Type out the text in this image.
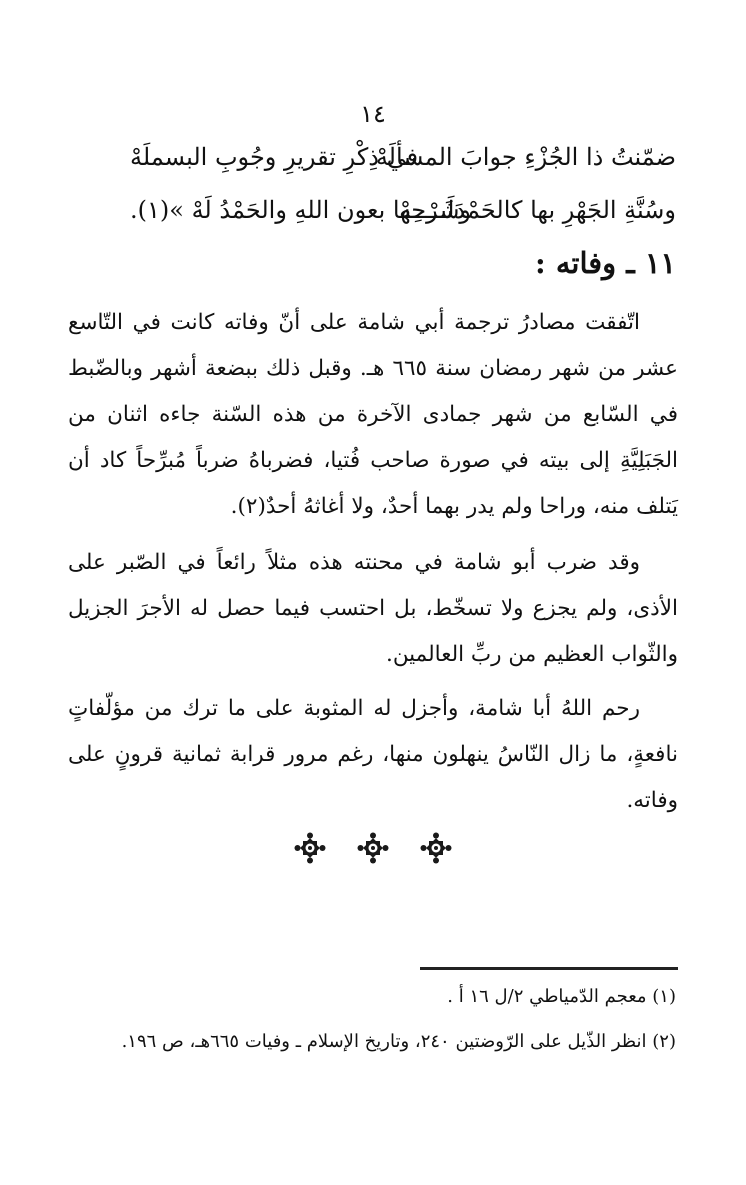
١٤
ضمّنتُ ذا الجُزْءِ جوابَ المسألَهْ
في ذِكْرِ تقريرِ وجُوبِ البسملَهْ
وسُنَّةِ الجَهْرِ بها كالحَمْدَلَـــــهْ
وشَرْحِها بعون اللهِ والحَمْدُ لَهْ »(١).
١١ ـ وفاته :
اتّفقت مصادرُ ترجمة أبي شامة على أنّ وفاته كانت في التّاسع عشر من شهر رمضان سنة ٦٦٥ هـ. وقبل ذلك ببضعة أشهر وبالضّبط في السّابع من شهر جمادى الآخرة من هذه السّنة جاءه اثنان من الجَبَلِيَّةِ إلى بيته في صورة صاحب فُتيا، فضرباهُ ضرباً مُبرِّحاً كاد أن يَتلف منه، وراحا ولم يدر بهما أحدٌ، ولا أغاثهُ أحدٌ(٢).
وقد ضرب أبو شامة في محنته هذه مثلاً رائعاً في الصّبر على الأذى، ولم يجزع ولا تسخّط، بل احتسب فيما حصل له الأجرَ الجزيل والثّواب العظيم من ربِّ العالمين.
رحم اللهُ أبا شامة، وأجزل له المثوبة على ما ترك من مؤلّفاتٍ نافعةٍ، ما زال النّاسُ ينهلون منها، رغم مرور قرابة ثمانية قرونٍ على وفاته.

(١) معجم الدّمياطي ٢/ل ١٦ أ .
(٢) انظر الذّيل على الرّوضتين ٢٤٠، وتاريخ الإسلام ـ وفيات ٦٦٥هـ، ص ١٩٦.
